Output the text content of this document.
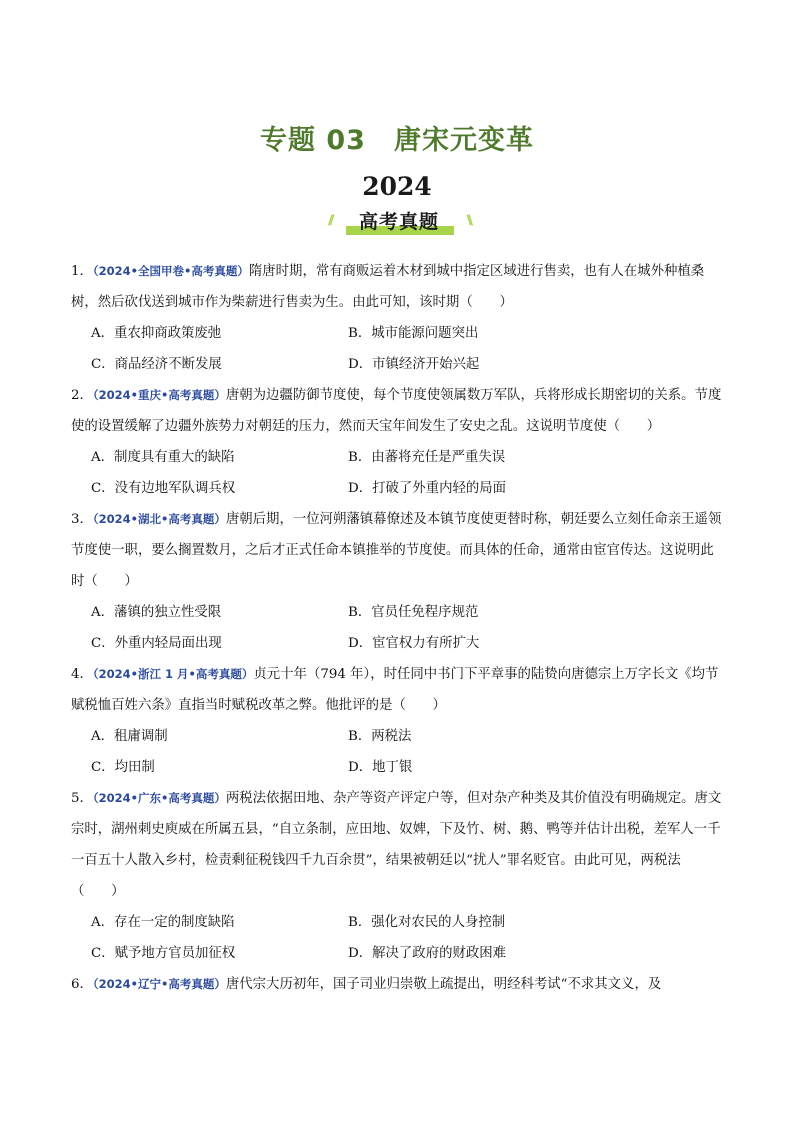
专题 03　唐宋元变革
2024
//	高考真题	\\

1．（2024•全国甲卷•高考真题）隋唐时期，常有商贩运着木材到城中指定区域进行售卖，也有人在城外种植桑树，然后砍伐送到城市作为柴薪进行售卖为生。由此可知，该时期（　　）

A．重农抑商政策废弛	B．城市能源问题突出
C．商品经济不断发展	D．市镇经济开始兴起

2．（2024•重庆•高考真题）唐朝为边疆防御节度使，每个节度使领属数万军队，兵将形成长期密切的关系。节度使的设置缓解了边疆外族势力对朝廷的压力，然而天宝年间发生了安史之乱。这说明节度使（　　）

A．制度具有重大的缺陷	B．由蕃将充任是严重失误
C．没有边地军队调兵权	D．打破了外重内轻的局面

3．（2024•湖北•高考真题）唐朝后期，一位河朔藩镇幕僚述及本镇节度使更替时称，朝廷要么立刻任命亲王遥领节度使一职，要么搁置数月，之后才正式任命本镇推举的节度使。而具体的任命，通常由宦官传达。这说明此时（　　）

A．藩镇的独立性受限	B．官员任免程序规范
C．外重内轻局面出现	D．宦官权力有所扩大

4．（2024•浙江 1 月•高考真题）贞元十年（794 年），时任同中书门下平章事的陆贽向唐德宗上万字长文《均节赋税恤百姓六条》直指当时赋税改革之弊。他批评的是（　　）

A．租庸调制	B．两税法
C．均田制	D．地丁银

5．（2024•广东•高考真题）两税法依据田地、杂产等资产评定户等，但对杂产种类及其价值没有明确规定。唐文宗时，湖州刺史庾威在所属五县，“自立条制，应田地、奴婢，下及竹、树、鹅、鸭等并估计出税，差军人一千一百五十人散入乡村，检责剩征税钱四千九百余贯”，结果被朝廷以“扰人”罪名贬官。由此可见，两税法（　　）

A．存在一定的制度缺陷	B．强化对农民的人身控制
C．赋予地方官员加征权	D．解决了政府的财政困难

6．（2024•辽宁•高考真题）唐代宗大历初年，国子司业归崇敬上疏提出，明经科考试“不求其文义，及
